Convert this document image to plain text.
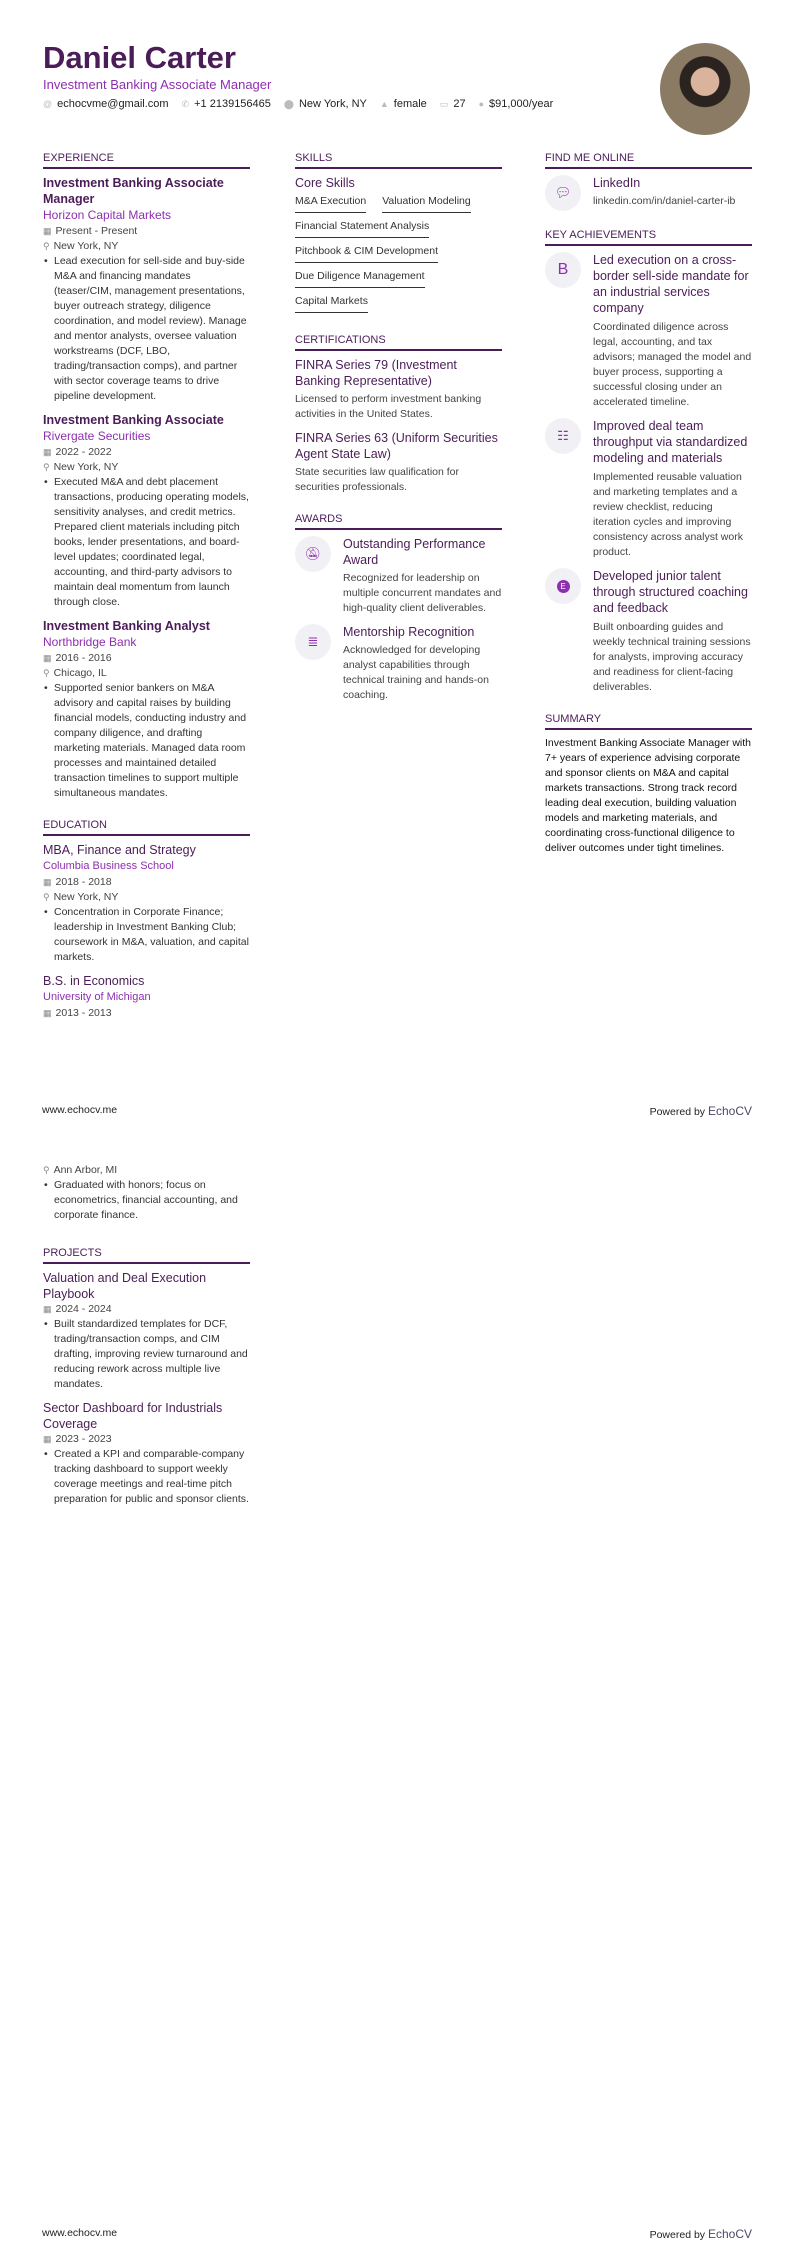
Daniel Carter
Investment Banking Associate Manager
@ echocvme@gmail.com ✆ +1 2139156465 ⬤ New York, NY ▲ female ▭ 27 ● $91,000/year
EXPERIENCE
Investment Banking Associate Manager
Horizon Capital Markets
▦ Present - Present
⚲ New York, NY
• Lead execution for sell-side and buy-side M&A and financing mandates (teaser/CIM, management presentations, buyer outreach strategy, diligence coordination, and model review). Manage and mentor analysts, oversee valuation workstreams (DCF, LBO, trading/transaction comps), and partner with sector coverage teams to drive pipeline development.
Investment Banking Associate
Rivergate Securities
▦ 2022 - 2022
⚲ New York, NY
• Executed M&A and debt placement transactions, producing operating models, sensitivity analyses, and credit metrics. Prepared client materials including pitch books, lender presentations, and board-level updates; coordinated legal, accounting, and third-party advisors to maintain deal momentum from launch through close.
Investment Banking Analyst
Northbridge Bank
▦ 2016 - 2016
⚲ Chicago, IL
• Supported senior bankers on M&A advisory and capital raises by building financial models, conducting industry and company diligence, and drafting marketing materials. Managed data room processes and maintained detailed transaction timelines to support multiple simultaneous mandates.
EDUCATION
MBA, Finance and Strategy
Columbia Business School
▦ 2018 - 2018
⚲ New York, NY
• Concentration in Corporate Finance; leadership in Investment Banking Club; coursework in M&A, valuation, and capital markets.
B.S. in Economics
University of Michigan
▦ 2013 - 2013
SKILLS
Core Skills
M&A Execution Valuation Modeling
Financial Statement Analysis
Pitchbook & CIM Development
Due Diligence Management
Capital Markets
CERTIFICATIONS
FINRA Series 79 (Investment Banking Representative)
Licensed to perform investment banking activities in the United States.
FINRA Series 63 (Uniform Securities Agent State Law)
State securities law qualification for securities professionals.
AWARDS
🔕︎
Outstanding Performance Award
Recognized for leadership on multiple concurrent mandates and high-quality client deliverables.
≣
Mentorship Recognition
Acknowledged for developing analyst capabilities through technical training and hands-on coaching.
FIND ME ONLINE
💬︎
LinkedIn
linkedin.com/in/daniel-carter-ib
KEY ACHIEVEMENTS
B
Led execution on a cross-border sell-side mandate for an industrial services company
Coordinated diligence across legal, accounting, and tax advisors; managed the model and buyer process, supporting a successful closing under an accelerated timeline.
☷
Improved deal team throughput via standardized modeling and materials
Implemented reusable valuation and marketing templates and a review checklist, reducing iteration cycles and improving consistency across analyst work product.
E
Developed junior talent through structured coaching and feedback
Built onboarding guides and weekly technical training sessions for analysts, improving accuracy and readiness for client-facing deliverables.
SUMMARY
Investment Banking Associate Manager with 7+ years of experience advising corporate and sponsor clients on M&A and capital markets transactions. Strong track record leading deal execution, building valuation models and marketing materials, and coordinating cross-functional diligence to deliver outcomes under tight timelines.
www.echocv.me	Powered by EchoCV
⚲ Ann Arbor, MI
• Graduated with honors; focus on econometrics, financial accounting, and corporate finance.
PROJECTS
Valuation and Deal Execution Playbook
▦ 2024 - 2024
• Built standardized templates for DCF, trading/transaction comps, and CIM drafting, improving review turnaround and reducing rework across multiple live mandates.
Sector Dashboard for Industrials Coverage
▦ 2023 - 2023
• Created a KPI and comparable-company tracking dashboard to support weekly coverage meetings and real-time pitch preparation for public and sponsor clients.
www.echocv.me	Powered by EchoCV
